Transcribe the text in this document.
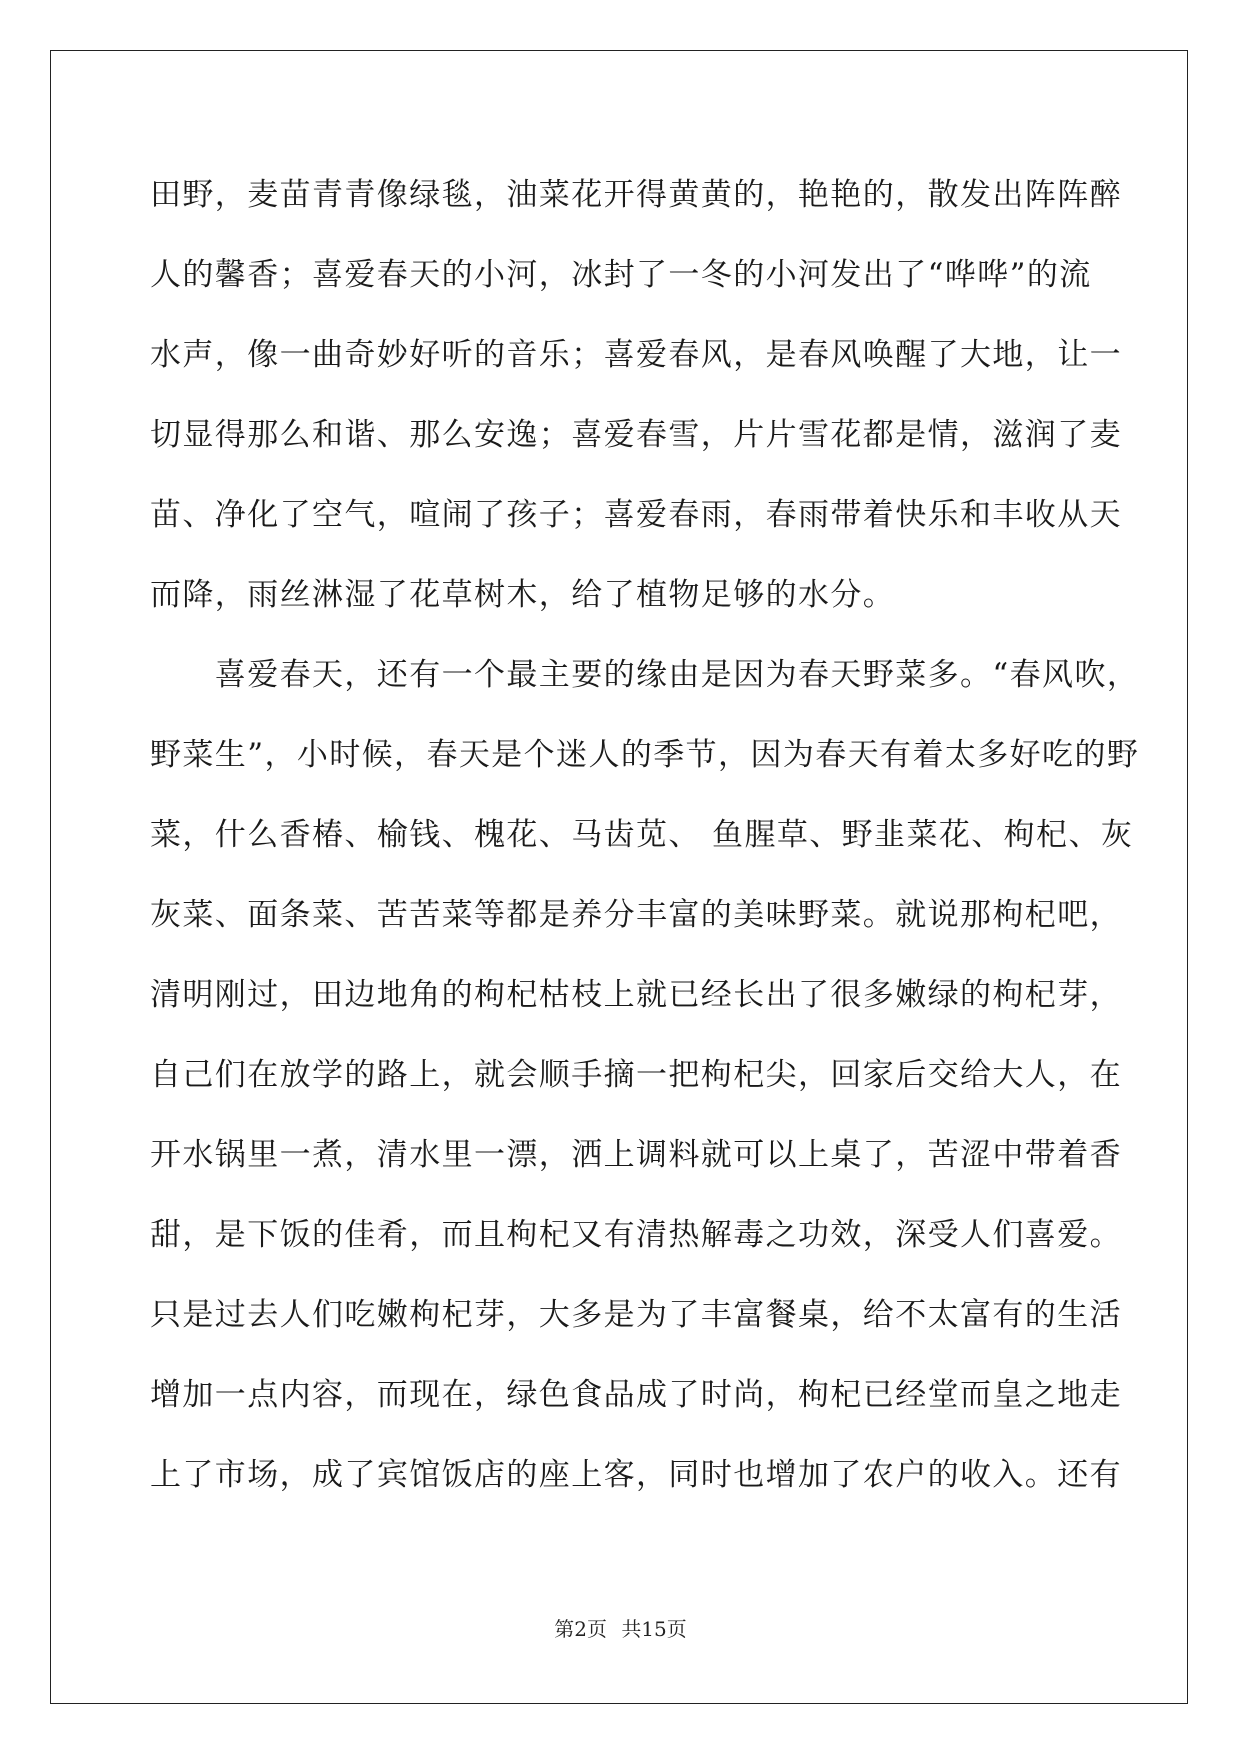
田野，麦苗青青像绿毯，油菜花开得黄黄的，艳艳的，散发出阵阵醉
人的馨香；喜爱春天的小河，冰封了一冬的小河发出了“哗哗”的流
水声，像一曲奇妙好听的音乐；喜爱春风，是春风唤醒了大地，让一
切显得那么和谐、那么安逸；喜爱春雪，片片雪花都是情，滋润了麦
苗、净化了空气，喧闹了孩子；喜爱春雨，春雨带着快乐和丰收从天
而降，雨丝淋湿了花草树木，给了植物足够的水分。
　　喜爱春天，还有一个最主要的缘由是因为春天野菜多。“春风吹，
野菜生”，小时候，春天是个迷人的季节，因为春天有着太多好吃的野
菜，什么香椿、榆钱、槐花、马齿苋、 鱼腥草、野韭菜花、枸杞、灰
灰菜、面条菜、苦苦菜等都是养分丰富的美味野菜。就说那枸杞吧，
清明刚过，田边地角的枸杞枯枝上就已经长出了很多嫩绿的枸杞芽，
自己们在放学的路上，就会顺手摘一把枸杞尖，回家后交给大人，在
开水锅里一煮，清水里一漂，洒上调料就可以上桌了，苦涩中带着香
甜，是下饭的佳肴，而且枸杞又有清热解毒之功效，深受人们喜爱。
只是过去人们吃嫩枸杞芽，大多是为了丰富餐桌，给不太富有的生活
增加一点内容，而现在，绿色食品成了时尚，枸杞已经堂而皇之地走
上了市场，成了宾馆饭店的座上客，同时也增加了农户的收入。还有
第2页 共15页
